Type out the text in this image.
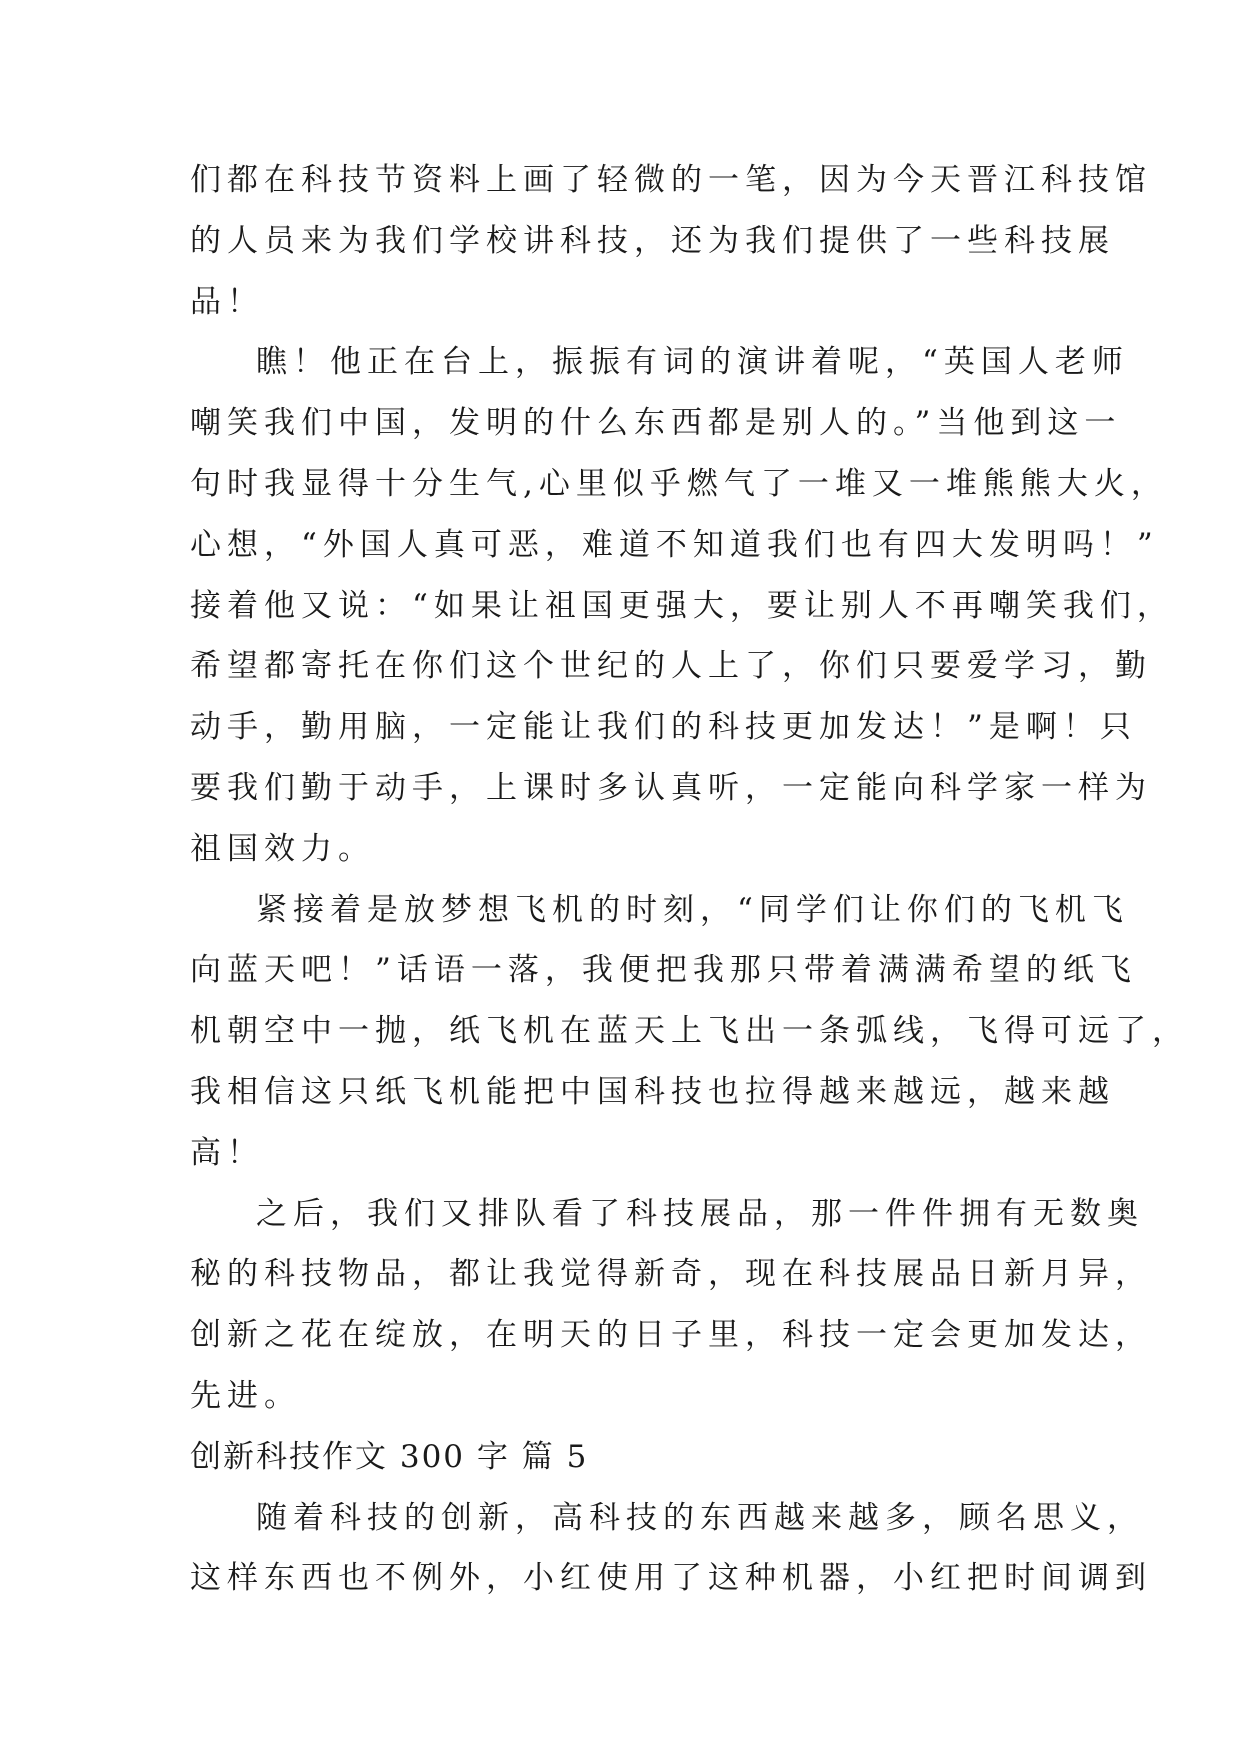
们都在科技节资料上画了轻微的一笔，因为今天晋江科技馆
的人员来为我们学校讲科技，还为我们提供了一些科技展
品！
瞧！他正在台上，振振有词的演讲着呢，“英国人老师
嘲笑我们中国，发明的什么东西都是别人的。”当他到这一
句时我显得十分生气,心里似乎燃气了一堆又一堆熊熊大火，
心想，“外国人真可恶，难道不知道我们也有四大发明吗！”
接着他又说：“如果让祖国更强大，要让别人不再嘲笑我们，
希望都寄托在你们这个世纪的人上了，你们只要爱学习，勤
动手，勤用脑，一定能让我们的科技更加发达！”是啊！只
要我们勤于动手，上课时多认真听，一定能向科学家一样为
祖国效力。
紧接着是放梦想飞机的时刻，“同学们让你们的飞机飞
向蓝天吧！”话语一落，我便把我那只带着满满希望的纸飞
机朝空中一抛，纸飞机在蓝天上飞出一条弧线，飞得可远了，
我相信这只纸飞机能把中国科技也拉得越来越远，越来越
高！
之后，我们又排队看了科技展品，那一件件拥有无数奥
秘的科技物品，都让我觉得新奇，现在科技展品日新月异，
创新之花在绽放，在明天的日子里，科技一定会更加发达，
先进。
创新科技作文 300 字 篇 5
随着科技的创新，高科技的东西越来越多，顾名思义，
这样东西也不例外，小红使用了这种机器，小红把时间调到
